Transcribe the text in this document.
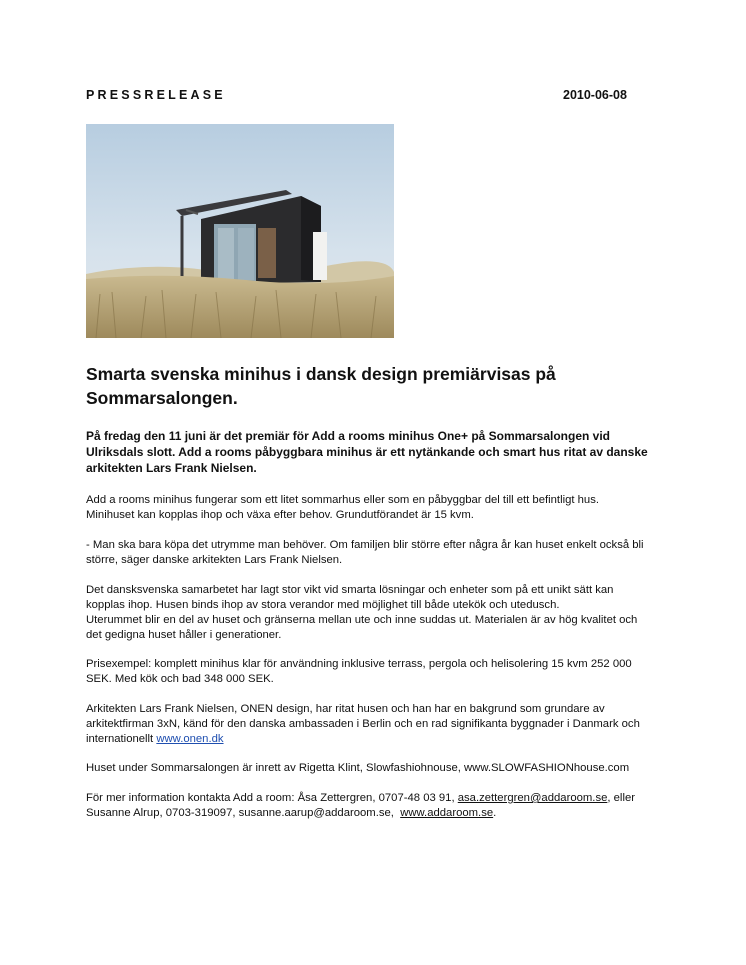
PRESSRELEASE	2010-06-08
Smarta svenska minihus i dansk design premiärvisas på
Sommarsalongen.

På fredag den 11 juni är det premiär för Add a rooms minihus One+ på Sommarsalongen vid
Ulriksdals slott. Add a rooms påbyggbara minihus är ett nytänkande och smart hus ritat av danske
arkitekten Lars Frank Nielsen.

Add a rooms minihus fungerar som ett litet sommarhus eller som en påbyggbar del till ett befintligt hus.
Minihuset kan kopplas ihop och växa efter behov. Grundutförandet är 15 kvm.

- Man ska bara köpa det utrymme man behöver. Om familjen blir större efter några år kan huset enkelt också bli
större, säger danske arkitekten Lars Frank Nielsen.

Det dansksvenska samarbetet har lagt stor vikt vid smarta lösningar och enheter som på ett unikt sätt kan
kopplas ihop. Husen binds ihop av stora verandor med möjlighet till både utekök och utedusch.
Uterummet blir en del av huset och gränserna mellan ute och inne suddas ut. Materialen är av hög kvalitet och
det gedigna huset håller i generationer.

Prisexempel: komplett minihus klar för användning inklusive terrass, pergola och helisolering 15 kvm 252 000
SEK. Med kök och bad 348 000 SEK.

Arkitekten Lars Frank Nielsen, ONEN design, har ritat husen och han har en bakgrund som grundare av
arkitektfirman 3xN, känd för den danska ambassaden i Berlin och en rad signifikanta byggnader i Danmark och
internationellt www.onen.dk

Huset under Sommarsalongen är inrett av Rigetta Klint, Slowfashiohnouse, www.SLOWFASHIONhouse.com

För mer information kontakta Add a room: Åsa Zettergren, 0707-48 03 91, asa.zettergren@addaroom.se, eller
Susanne Alrup, 0703-319097, susanne.aarup@addaroom.se,  www.addaroom.se.
